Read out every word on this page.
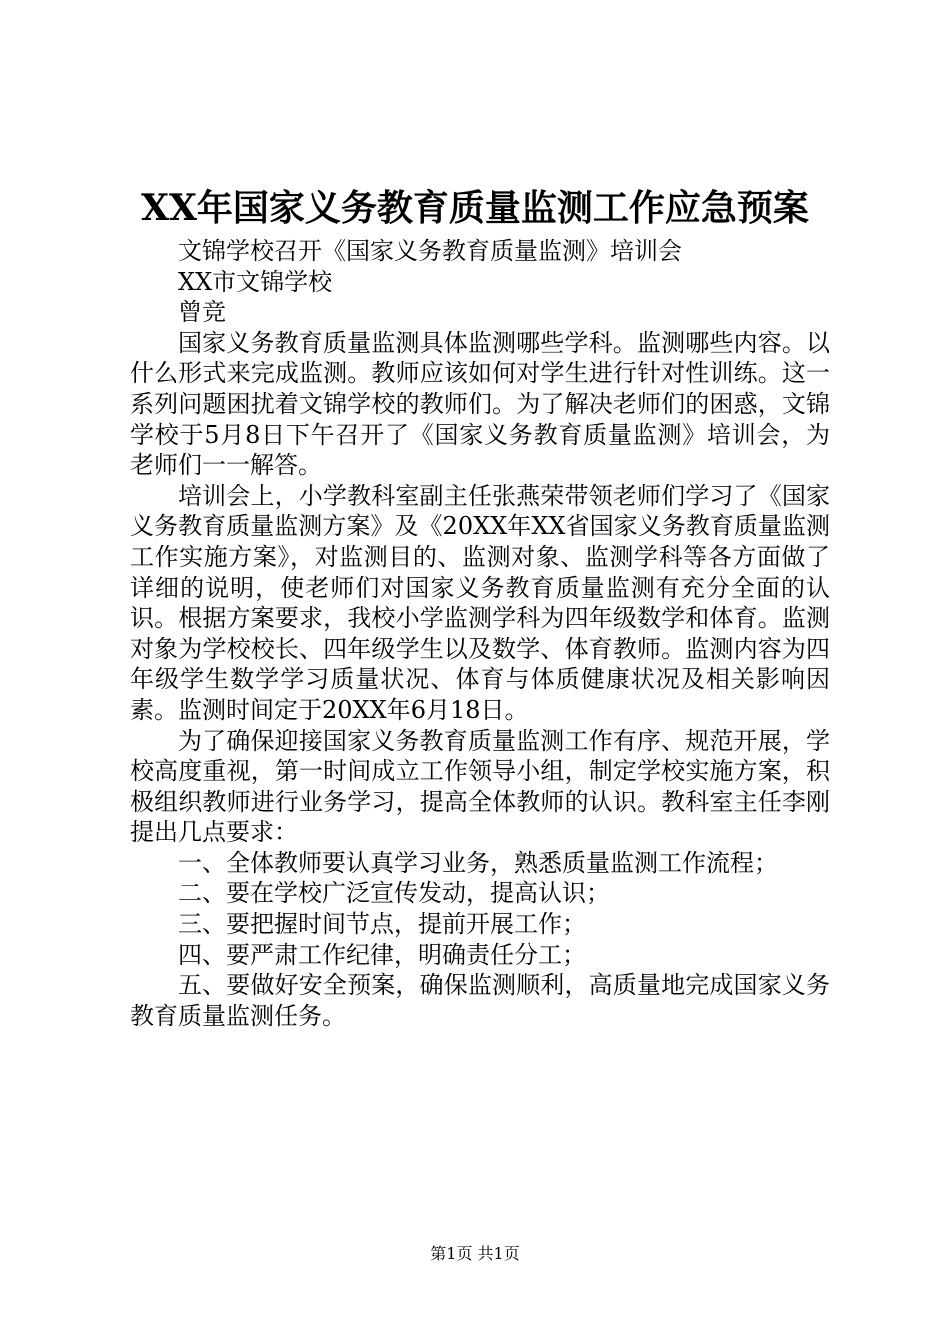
XX年国家义务教育质量监测工作应急预案

文锦学校召开《国家义务教育质量监测》培训会

XX市文锦学校

曾竞

国家义务教育质量监测具体监测哪些学科。监测哪些内容。以什么形式来完成监测。教师应该如何对学生进行针对性训练。这一系列问题困扰着文锦学校的教师们。为了解决老师们的困惑，文锦学校于5月8日下午召开了《国家义务教育质量监测》培训会，为老师们一一解答。

培训会上，小学教科室副主任张燕荣带领老师们学习了《国家义务教育质量监测方案》及《20XX年XX省国家义务教育质量监测工作实施方案》，对监测目的、监测对象、监测学科等各方面做了详细的说明，使老师们对国家义务教育质量监测有充分全面的认识。根据方案要求，我校小学监测学科为四年级数学和体育。监测对象为学校校长、四年级学生以及数学、体育教师。监测内容为四年级学生数学学习质量状况、体育与体质健康状况及相关影响因素。监测时间定于20XX年6月18日。

为了确保迎接国家义务教育质量监测工作有序、规范开展，学校高度重视，第一时间成立工作领导小组，制定学校实施方案，积极组织教师进行业务学习，提高全体教师的认识。教科室主任李刚提出几点要求：

一、全体教师要认真学习业务，熟悉质量监测工作流程；

二、要在学校广泛宣传发动，提高认识；

三、要把握时间节点，提前开展工作；

四、要严肃工作纪律，明确责任分工；

五、要做好安全预案，确保监测顺利，高质量地完成国家义务教育质量监测任务。

第1页 共1页
